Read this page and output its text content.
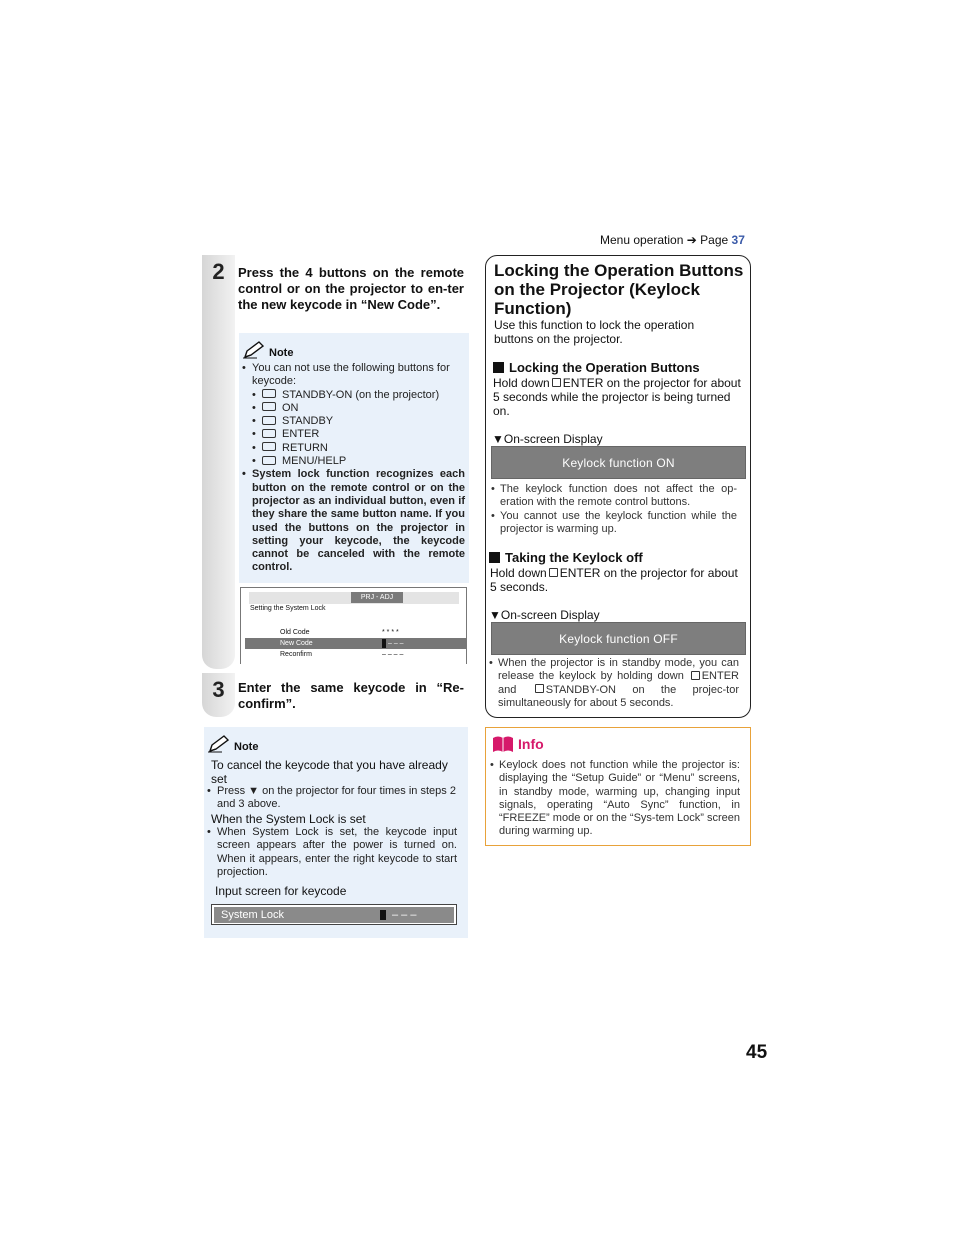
Menu operation ➔ Page 37
2	Press the 4 buttons on the remote control or on the projector to en-ter the new keycode in “New Code”.
Note
• You can not use the following buttons for keycode:
• STANDBY-ON (on the projector)
• ON
• STANDBY
• ENTER
• RETURN
• MENU/HELP
• System lock function recognizes each button on the remote control or on the projector as an individual button, even if they share the same button name. If you used the buttons on the projector in setting your keycode, the keycode cannot be canceled with the remote control.
PRJ - ADJ
Setting the System Lock
Old Code	* * * *
New Code	– – –
Reconfirm	– – – –
3	Enter the same keycode in “Re-confirm”.
Note
To cancel the keycode that you have already set
• Press ▼ on the projector for four times in steps 2 and 3 above.
When the System Lock is set
• When System Lock is set, the keycode input screen appears after the power is turned on. When it appears, enter the right keycode to start projection.
Input screen for keycode
System Lock	– – –
Locking the Operation Buttons on the Projector (Keylock Function)
Use this function to lock the operation buttons on the projector.
Locking the Operation Buttons
Hold down ENTER on the projector for about 5 seconds while the projector is being turned on.
▼On-screen Display
Keylock function ON
• The keylock function does not affect the op-eration with the remote control buttons.
• You cannot use the keylock function while the projector is warming up.
Taking the Keylock off
Hold down ENTER on the projector for about 5 seconds.
▼On-screen Display
Keylock function OFF
• When the projector is in standby mode, you can release the keylock by holding down ENTER and	STANDBY-ON on the projec-tor simultaneously for about 5 seconds.
Info
• Keylock does not function while the projector is: displaying the “Setup Guide” or “Menu” screens, in standby mode, warming up, changing input signals, operating “Auto Sync” function, in “FREEZE” mode or on the “Sys-tem Lock” screen during warming up.
45
